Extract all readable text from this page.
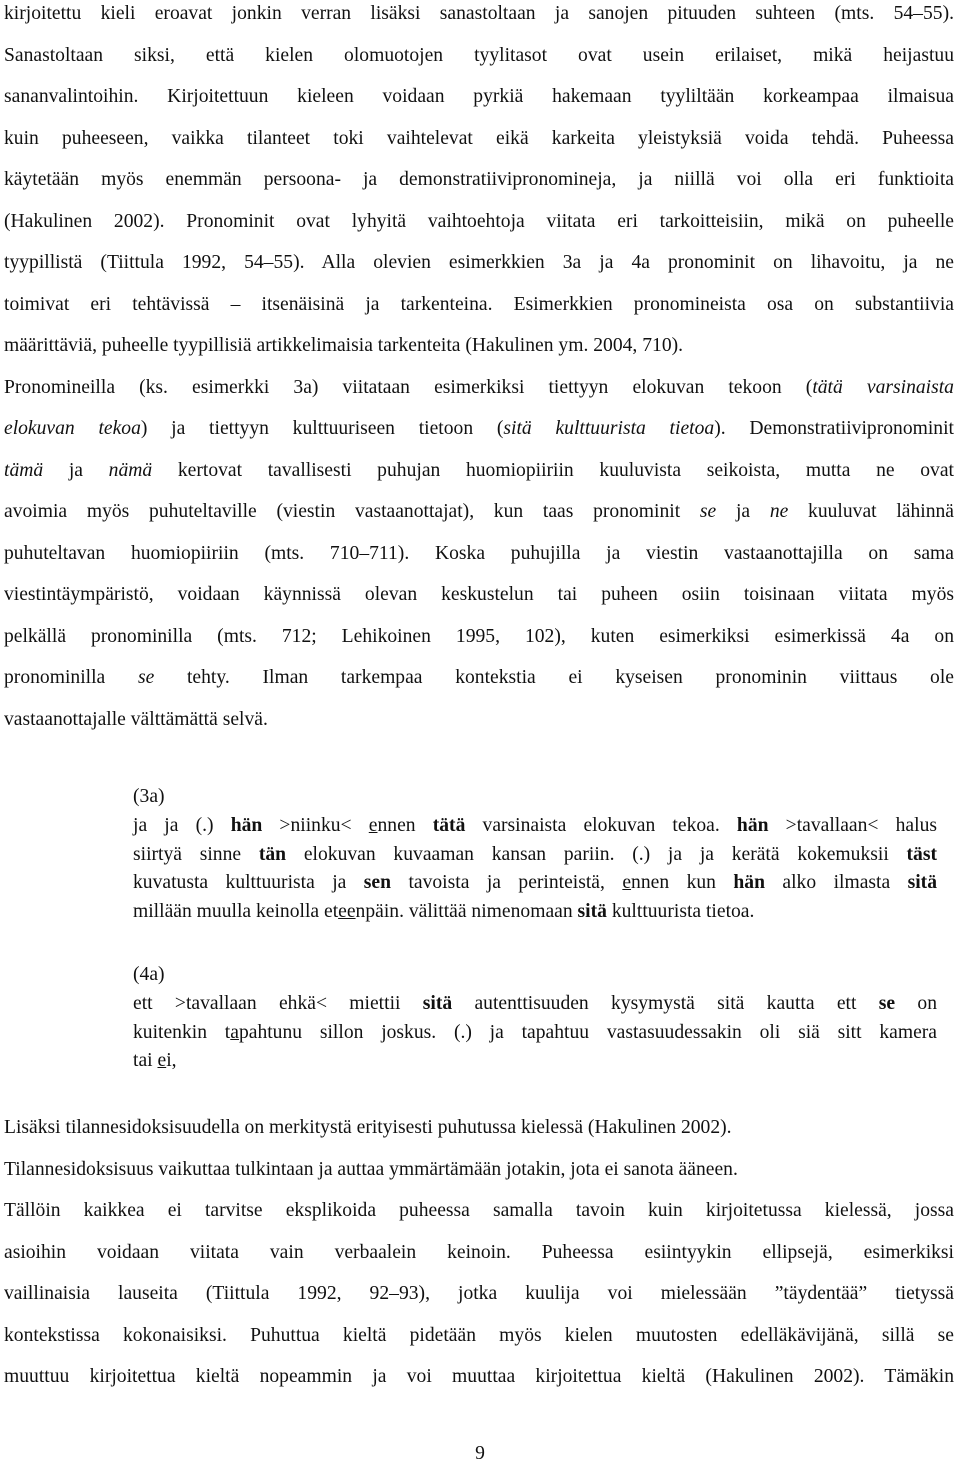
kirjoitettu kieli eroavat jonkin verran lisäksi sanastoltaan ja sanojen pituuden suhteen (mts. 54–55).
Sanastoltaan siksi, että kielen olomuotojen tyylitasot ovat usein erilaiset, mikä heijastuu
sananvalintoihin. Kirjoitettuun kieleen voidaan pyrkiä hakemaan tyyliltään korkeampaa ilmaisua
kuin puheeseen, vaikka tilanteet toki vaihtelevat eikä karkeita yleistyksiä voida tehdä. Puheessa
käytetään myös enemmän persoona- ja demonstratiivipronomineja, ja niillä voi olla eri funktioita
(Hakulinen 2002). Pronominit ovat lyhyitä vaihtoehtoja viitata eri tarkoitteisiin, mikä on puheelle
tyypillistä (Tiittula 1992, 54–55). Alla olevien esimerkkien 3a ja 4a pronominit on lihavoitu, ja ne
toimivat eri tehtävissä – itsenäisinä ja tarkenteina. Esimerkkien pronomineista osa on substantiivia
määrittäviä, puheelle tyypillisiä artikkelimaisia tarkenteita (Hakulinen ym. 2004, 710).
Pronomineilla (ks. esimerkki 3a) viitataan esimerkiksi tiettyyn elokuvan tekoon (tätä varsinaista
elokuvan tekoa) ja tiettyyn kulttuuriseen tietoon (sitä kulttuurista tietoa). Demonstratiivipronominit
tämä ja nämä kertovat tavallisesti puhujan huomiopiiriin kuuluvista seikoista, mutta ne ovat
avoimia myös puhuteltaville (viestin vastaanottajat), kun taas pronominit se ja ne kuuluvat lähinnä
puhuteltavan huomiopiiriin (mts. 710–711). Koska puhujilla ja viestin vastaanottajilla on sama
viestintäympäristö, voidaan käynnissä olevan keskustelun tai puheen osiin toisinaan viitata myös
pelkällä pronominilla (mts. 712; Lehikoinen 1995, 102), kuten esimerkiksi esimerkissä 4a on
pronominilla se tehty. Ilman tarkempaa kontekstia ei kyseisen pronominin viittaus ole
vastaanottajalle välttämättä selvä.
(3a)
ja ja (.) hän >niinku< ennen tätä varsinaista elokuvan tekoa. hän >tavallaan< halus
siirtyä sinne tän elokuvan kuvaaman kansan pariin. (.) ja ja kerätä kokemuksii täst
kuvatusta kulttuurista ja sen tavoista ja perinteistä, ennen kun hän alko ilmasta sitä
millään muulla keinolla eteenpäin. välittää nimenomaan sitä kulttuurista tietoa.
(4a)
ett >tavallaan ehkä< miettii sitä autenttisuuden kysymystä sitä kautta ett se on
kuitenkin tapahtunu sillon joskus. (.) ja tapahtuu vastasuudessakin oli siä sitt kamera
tai ei,
Lisäksi tilannesidoksisuudella on merkitystä erityisesti puhutussa kielessä (Hakulinen 2002).
Tilannesidoksisuus vaikuttaa tulkintaan ja auttaa ymmärtämään jotakin, jota ei sanota ääneen.
Tällöin kaikkea ei tarvitse eksplikoida puheessa samalla tavoin kuin kirjoitetussa kielessä, jossa
asioihin voidaan viitata vain verbaalein keinoin. Puheessa esiintyykin ellipsejä, esimerkiksi
vaillinaisia lauseita (Tiittula 1992, 92–93), jotka kuulija voi mielessään ”täydentää” tietyssä
kontekstissa kokonaisiksi. Puhuttua kieltä pidetään myös kielen muutosten edelläkävijänä, sillä se
muuttuu kirjoitettua kieltä nopeammin ja voi muuttaa kirjoitettua kieltä (Hakulinen 2002). Tämäkin
9
